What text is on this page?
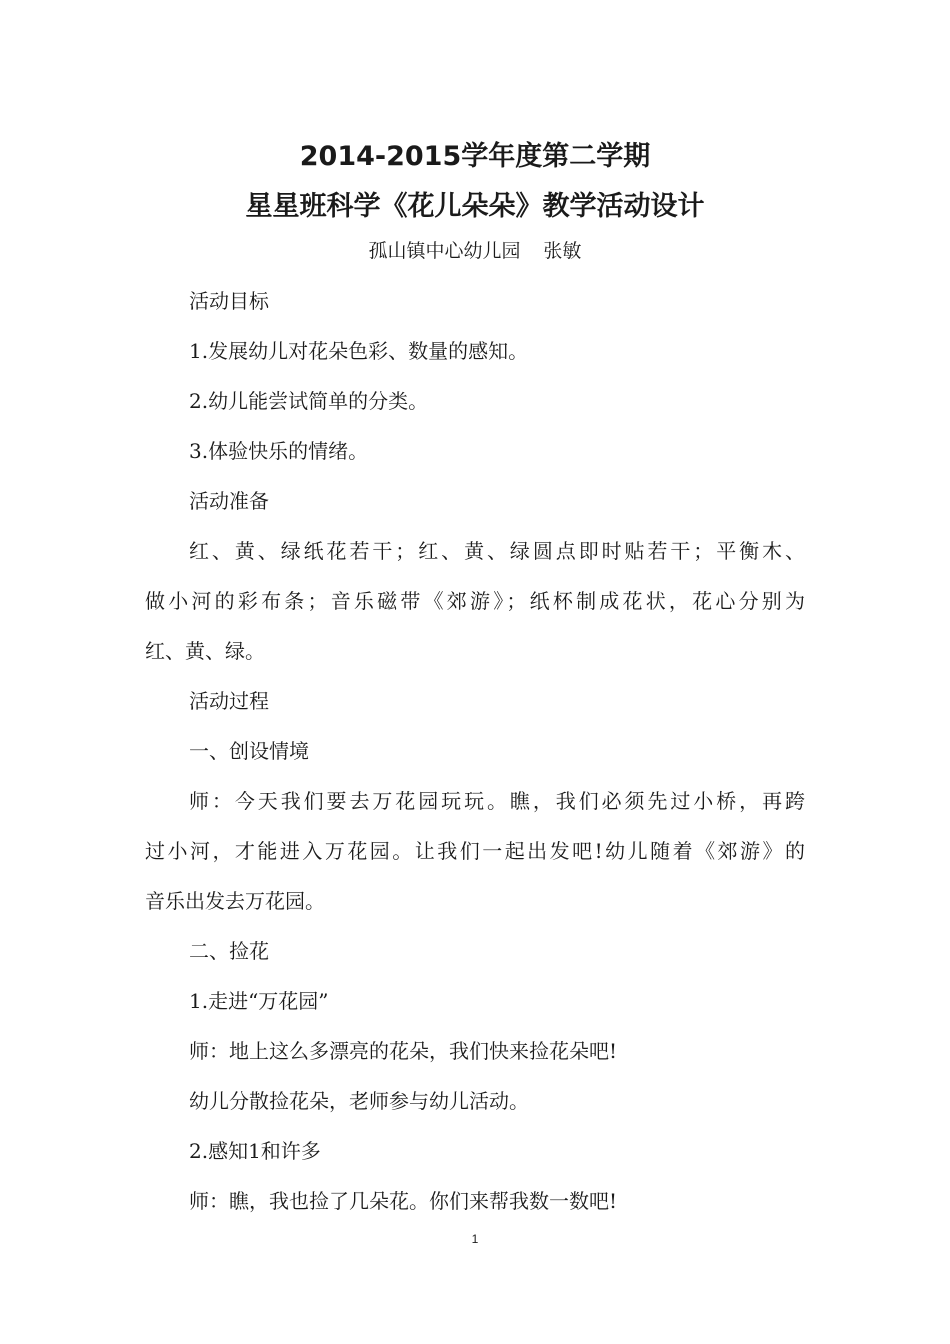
2014-2015学年度第二学期
星星班科学《花儿朵朵》教学活动设计
孤山镇中心幼儿园  张敏
活动目标
1.发展幼儿对花朵色彩、数量的感知。
2.幼儿能尝试简单的分类。
3.体验快乐的情绪。
活动准备
红、黄、绿纸花若干；红、黄、绿圆点即时贴若干；平衡木、
做小河的彩布条；音乐磁带《郊游》；纸杯制成花状，花心分别为
红、黄、绿。
活动过程
一、创设情境
师：今天我们要去万花园玩玩。瞧，我们必须先过小桥，再跨
过小河，才能进入万花园。让我们一起出发吧!幼儿随着《郊游》的
音乐出发去万花园。
二、捡花
1.走进“万花园”
师：地上这么多漂亮的花朵，我们快来捡花朵吧!
幼儿分散捡花朵，老师参与幼儿活动。
2.感知1和许多
师：瞧，我也捡了几朵花。你们来帮我数一数吧!
1
